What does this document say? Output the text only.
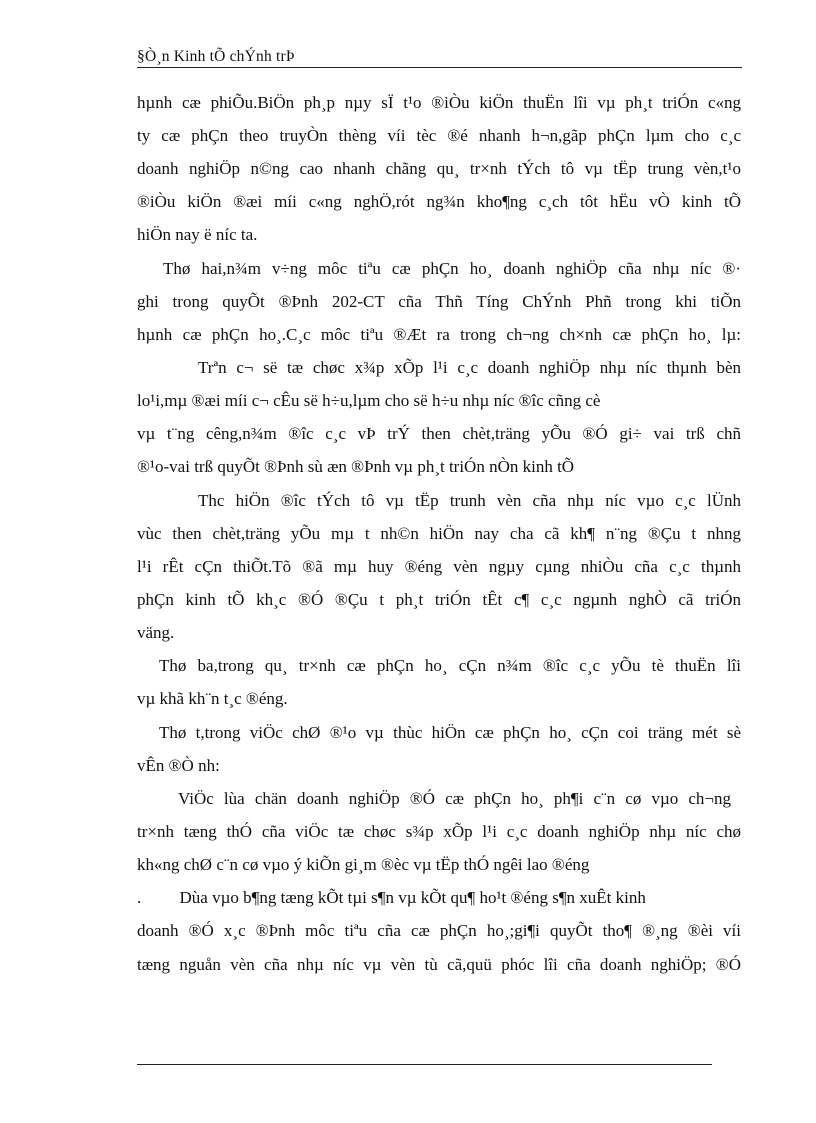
§Ò¸n Kinh tÕ chÝnh trÞ
hµnh cæ phiÕu.BiÖn ph¸p nµy sÏ t¹o ®iÒu kiÖn thuËn lîi vµ ph¸t triÓn c«ng
ty cæ phÇn theo truyÒn thèng víi tèc ®é nhanh h¬n,gãp phÇn lµm cho c¸c
doanh nghiÖp n©ng cao nhanh chãng qu¸ tr×nh tÝch tô vµ tËp trung vèn,t¹o
®iÒu kiÖn ®æi míi c«ng nghÖ,rót ng¾n kho¶ng c¸ch tôt hËu vÒ kinh tÕ
hiÖn nay ë níc ta.
Thø hai,n¾m v÷ng môc tiªu cæ phÇn ho¸ doanh nghiÖp cña nhµ níc ®·
ghi trong quyÕt ®Þnh 202-CT cña Thñ Tíng ChÝnh Phñ trong khi tiÕn
hµnh cæ phÇn ho¸.C¸c môc tiªu ®Æt ra trong ch¬ng ch×nh cæ phÇn ho¸ lµ:
Trªn c¬ së tæ chøc x¾p xÕp l¹i c¸c doanh nghiÖp nhµ níc thµnh bèn
lo¹i,mµ ®æi míi c¬ cÊu së h÷u,lµm cho së h÷u nhµ níc ®îc cñng cè
vµ t¨ng cêng,n¾m ®îc c¸c vÞ trÝ then chèt,träng yÕu ®Ó gi÷ vai trß chñ
®¹o-vai trß quyÕt ®Þnh sù æn ®Þnh vµ ph¸t triÓn nÒn kinh tÕ
Thc hiÖn ®îc tÝch tô vµ tËp trunh vèn cña nhµ níc vµo c¸c lÜnh
vùc then chèt,träng yÕu mµ t nh©n hiÖn nay cha cã kh¶ n¨ng ®Çu t nhng
l¹i rÊt cÇn thiÕt.Tõ ®ã mµ huy ®éng vèn ngµy cµng nhiÒu cña c¸c thµnh
phÇn kinh tÕ kh¸c ®Ó ®Çu t ph¸t triÓn tÊt c¶ c¸c ngµnh nghÒ cã triÓn
väng.
Thø ba,trong qu¸ tr×nh cæ phÇn ho¸ cÇn n¾m ®îc c¸c yÕu tè thuËn lîi
vµ khã kh¨n t¸c ®éng.
Thø t,trong viÖc chØ ®¹o vµ thùc hiÖn cæ phÇn ho¸ cÇn coi träng mét sè
vÊn ®Ò nh:
ViÖc lùa chän doanh nghiÖp ®Ó cæ phÇn ho¸ ph¶i c¨n cø vµo ch¬ng
tr×nh tæng thÓ cña viÖc tæ chøc s¾p xÕp l¹i c¸c doanh nghiÖp nhµ níc chø
kh«ng chØ c¨n cø vµo ý kiÕn gi¸m ®èc vµ tËp thÓ ngêi lao ®éng
.         Dùa vµo b¶ng tæng kÕt tµi s¶n vµ kÕt qu¶ ho¹t ®éng s¶n xuÊt kinh
doanh ®Ó x¸c ®Þnh môc tiªu cña cæ phÇn ho¸;gi¶i quyÕt tho¶ ®¸ng ®èi víi
tæng nguån vèn cña nhµ níc vµ vèn tù cã,quü phóc lîi cña doanh nghiÖp; ®Ó
